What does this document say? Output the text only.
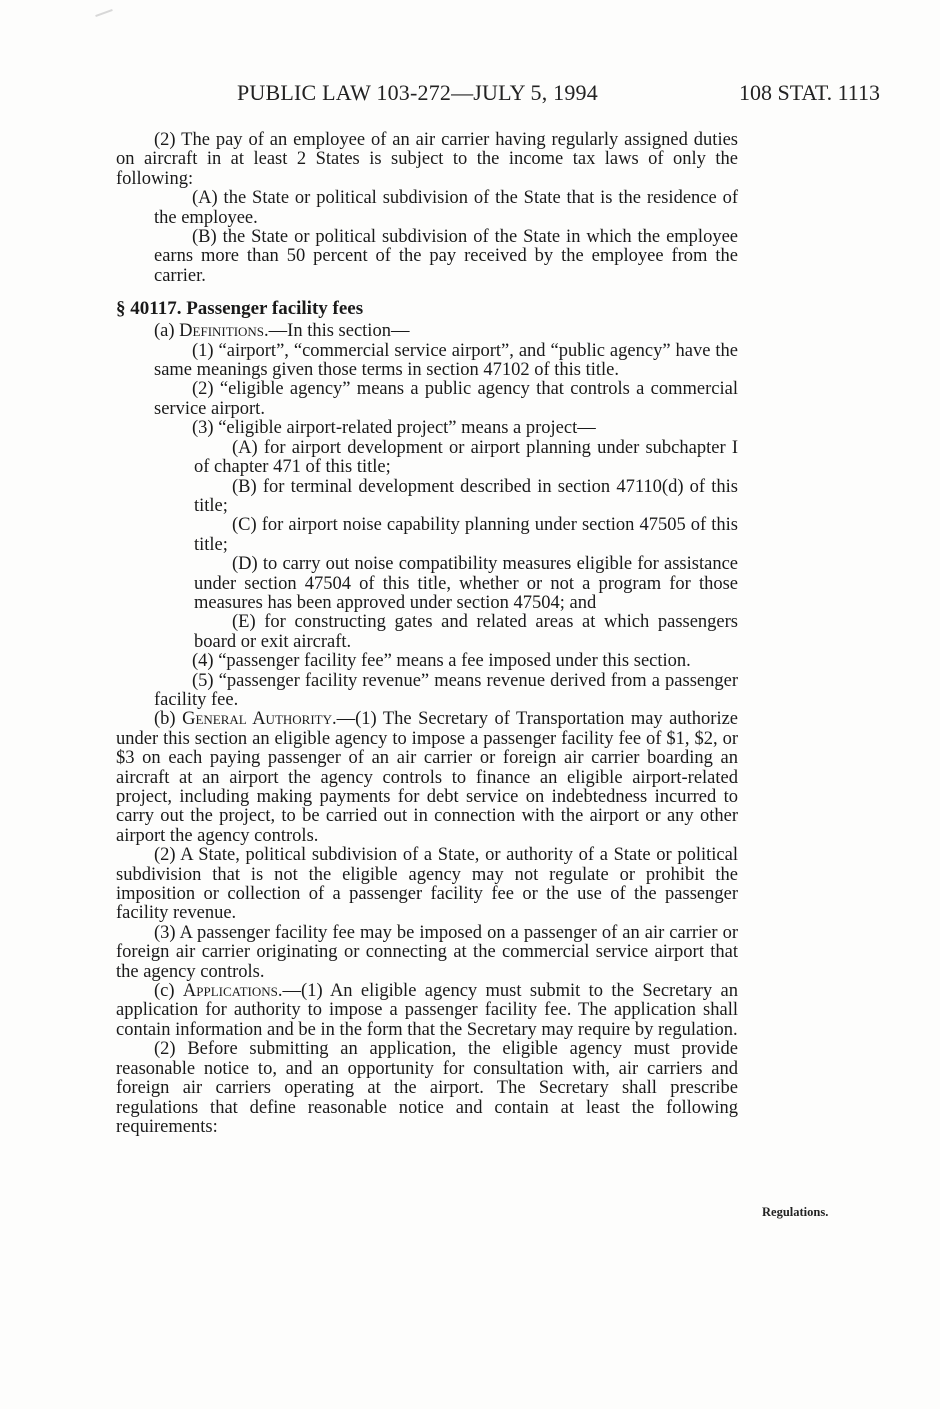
PUBLIC LAW 103-272—JULY 5, 1994	108 STAT. 1113

(2) The pay of an employee of an air carrier having regularly assigned duties on aircraft in at least 2 States is subject to the income tax laws of only the following:

(A) the State or political subdivision of the State that is the residence of the employee.

(B) the State or political subdivision of the State in which the employee earns more than 50 percent of the pay received by the employee from the carrier.

§ 40117. Passenger facility fees

(a) Definitions.—In this section—

(1) “airport”, “commercial service airport”, and “public agency” have the same meanings given those terms in section 47102 of this title.

(2) “eligible agency” means a public agency that controls a commercial service airport.

(3) “eligible airport-related project” means a project—

(A) for airport development or airport planning under subchapter I of chapter 471 of this title;

(B) for terminal development described in section 47110(d) of this title;

(C) for airport noise capability planning under section 47505 of this title;

(D) to carry out noise compatibility measures eligible for assistance under section 47504 of this title, whether or not a program for those measures has been approved under section 47504; and

(E) for constructing gates and related areas at which passengers board or exit aircraft.

(4) “passenger facility fee” means a fee imposed under this section.

(5) “passenger facility revenue” means revenue derived from a passenger facility fee.

(b) General Authority.—(1) The Secretary of Transportation may authorize under this section an eligible agency to impose a passenger facility fee of $1, $2, or $3 on each paying passenger of an air carrier or foreign air carrier boarding an aircraft at an airport the agency controls to finance an eligible airport-related project, including making payments for debt service on indebtedness incurred to carry out the project, to be carried out in connection with the airport or any other airport the agency controls.

(2) A State, political subdivision of a State, or authority of a State or political subdivision that is not the eligible agency may not regulate or prohibit the imposition or collection of a passenger facility fee or the use of the passenger facility revenue.

(3) A passenger facility fee may be imposed on a passenger of an air carrier or foreign air carrier originating or connecting at the commercial service airport that the agency controls.

(c) Applications.—(1) An eligible agency must submit to the Secretary an application for authority to impose a passenger facility fee. The application shall contain information and be in the form that the Secretary may require by regulation.

(2) Before submitting an application, the eligible agency must provide reasonable notice to, and an opportunity for consultation with, air carriers and foreign air carriers operating at the airport. The Secretary shall prescribe regulations that define reasonable notice and contain at least the following requirements:

Regulations.
